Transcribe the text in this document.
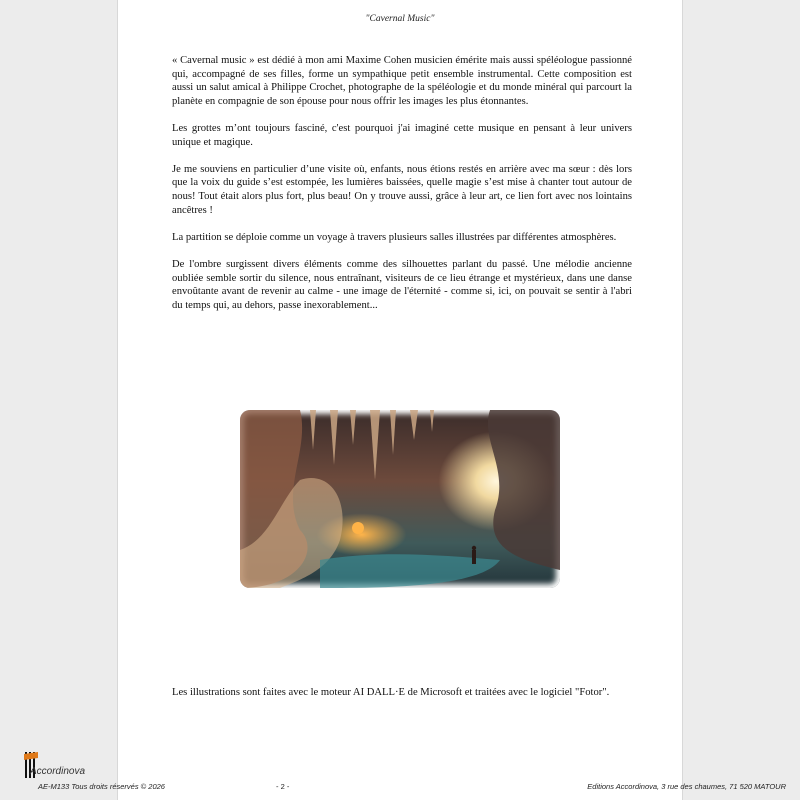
"Cavernal Music"

« Cavernal music » est dédié à mon ami Maxime Cohen musicien émérite mais aussi spéléologue passionné qui, accompagné de ses filles, forme un sympathique petit ensemble instrumental. Cette composition est aussi un salut amical à Philippe Crochet, photographe de la spéléologie et du monde minéral qui parcourt la planète en compagnie de son épouse pour nous offrir les images les plus étonnantes.

Les grottes m’ont toujours fasciné, c'est pourquoi j'ai imaginé cette musique en pensant à leur univers unique et magique.

Je me souviens en particulier d’une visite où, enfants, nous étions restés en arrière avec ma sœur : dès lors que la voix du guide s’est estompée, les lumières baissées, quelle magie s’est mise à chanter tout autour de nous! Tout était alors plus fort, plus beau! On y trouve aussi, grâce à leur art, ce lien fort avec nos lointains ancêtres !

La partition se déploie comme un voyage à travers plusieurs salles illustrées par différentes atmosphères.

De l'ombre surgissent divers éléments comme des silhouettes parlant du passé. Une mélodie ancienne oubliée semble sortir du silence, nous entraînant, visiteurs de ce lieu étrange et mystérieux, dans une danse envoûtante avant de revenir au calme - une image de l'éternité - comme si, ici, on pouvait se sentir à l'abri du temps qui, au dehors, passe inexorablement...

Les illustrations sont faites avec le moteur AI DALL·E de Microsoft et traitées avec le logiciel "Fotor".
Accordinova
AE-M133 Tous droits réservés © 2026	- 2 -	Editions Accordinova, 3 rue des chaumes, 71 520 MATOUR
